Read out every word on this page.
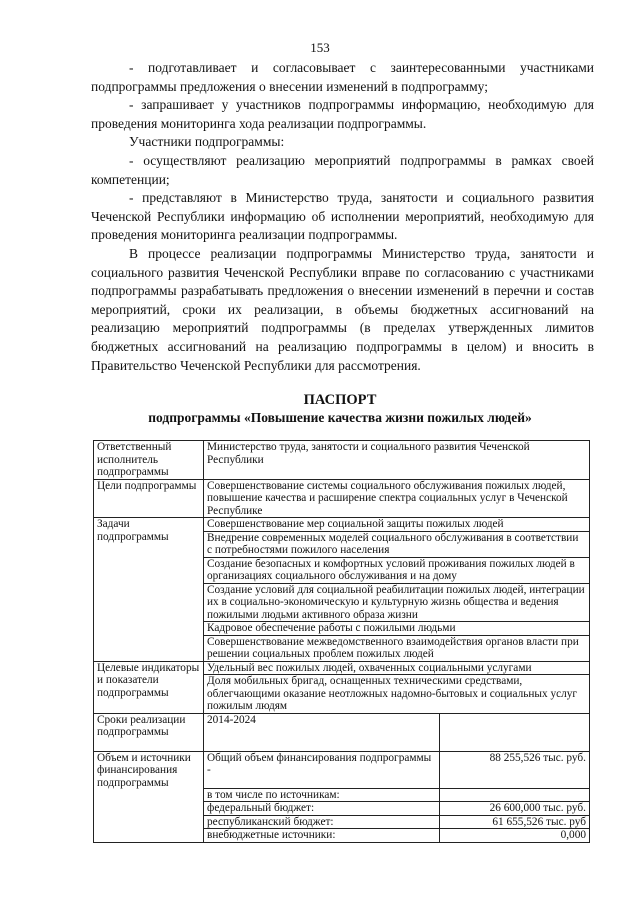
153

- подготавливает и согласовывает с заинтересованными участниками подпрограммы предложения о внесении изменений в подпрограмму;

- запрашивает у участников подпрограммы информацию, необходимую для проведения мониторинга хода реализации подпрограммы.

Участники подпрограммы:

- осуществляют реализацию мероприятий подпрограммы в рамках своей компетенции;

- представляют в Министерство труда, занятости и социального развития Чеченской Республики информацию об исполнении мероприятий, необходимую для проведения мониторинга реализации подпрограммы.

В процессе реализации подпрограммы Министерство труда, занятости и социального развития Чеченской Республики вправе по согласованию с участниками подпрограммы разрабатывать предложения о внесении изменений в перечни и состав мероприятий, сроки их реализации, в объемы бюджетных ассигнований на реализацию мероприятий подпрограммы (в пределах утвержденных лимитов бюджетных ассигнований на реализацию подпрограммы в целом) и вносить в Правительство Чеченской Республики для рассмотрения.

ПАСПОРТ
подпрограммы «Повышение качества жизни пожилых людей»
Ответственный исполнитель подпрограммы	Министерство труда, занятости и социального развития Чеченской Республики	
Цели подпрограммы	Совершенствование системы социального обслуживания пожилых людей, повышение качества и расширение спектра социальных услуг в Чеченской Республике	
Задачи подпрограммы	Совершенствование мер социальной защиты пожилых людей	
	Внедрение современных моделей социального обслуживания в соответствии с потребностями пожилого населения	
	Создание безопасных и комфортных условий проживания пожилых людей в организациях социального обслуживания и на дому	
	Создание условий для социальной реабилитации пожилых людей, интеграции их в социально-экономическую и культурную жизнь общества и ведения пожилыми людьми активного образа жизни	
	Кадровое обеспечение работы с пожилыми людьми	
	Совершенствование межведомственного взаимодействия органов власти при решении социальных проблем пожилых людей	
Целевые индикаторы и показатели подпрограммы	Удельный вес пожилых людей, охваченных социальными услугами	
	Доля мобильных бригад, оснащенных техническими средствами, облегчающими оказание неотложных надомно-бытовых и социальных услуг пожилым людям	
Сроки реализации подпрограммы	2014-2024	
Объем и источники финансирования подпрограммы	Общий объем финансирования подпрограммы -	88 255,526 тыс. руб.
	в том числе по источникам:	
	федеральный бюджет:	26 600,000 тыс. руб.
	республиканский бюджет:	61 655,526 тыс. руб
	внебюджетные источники:	0,000
